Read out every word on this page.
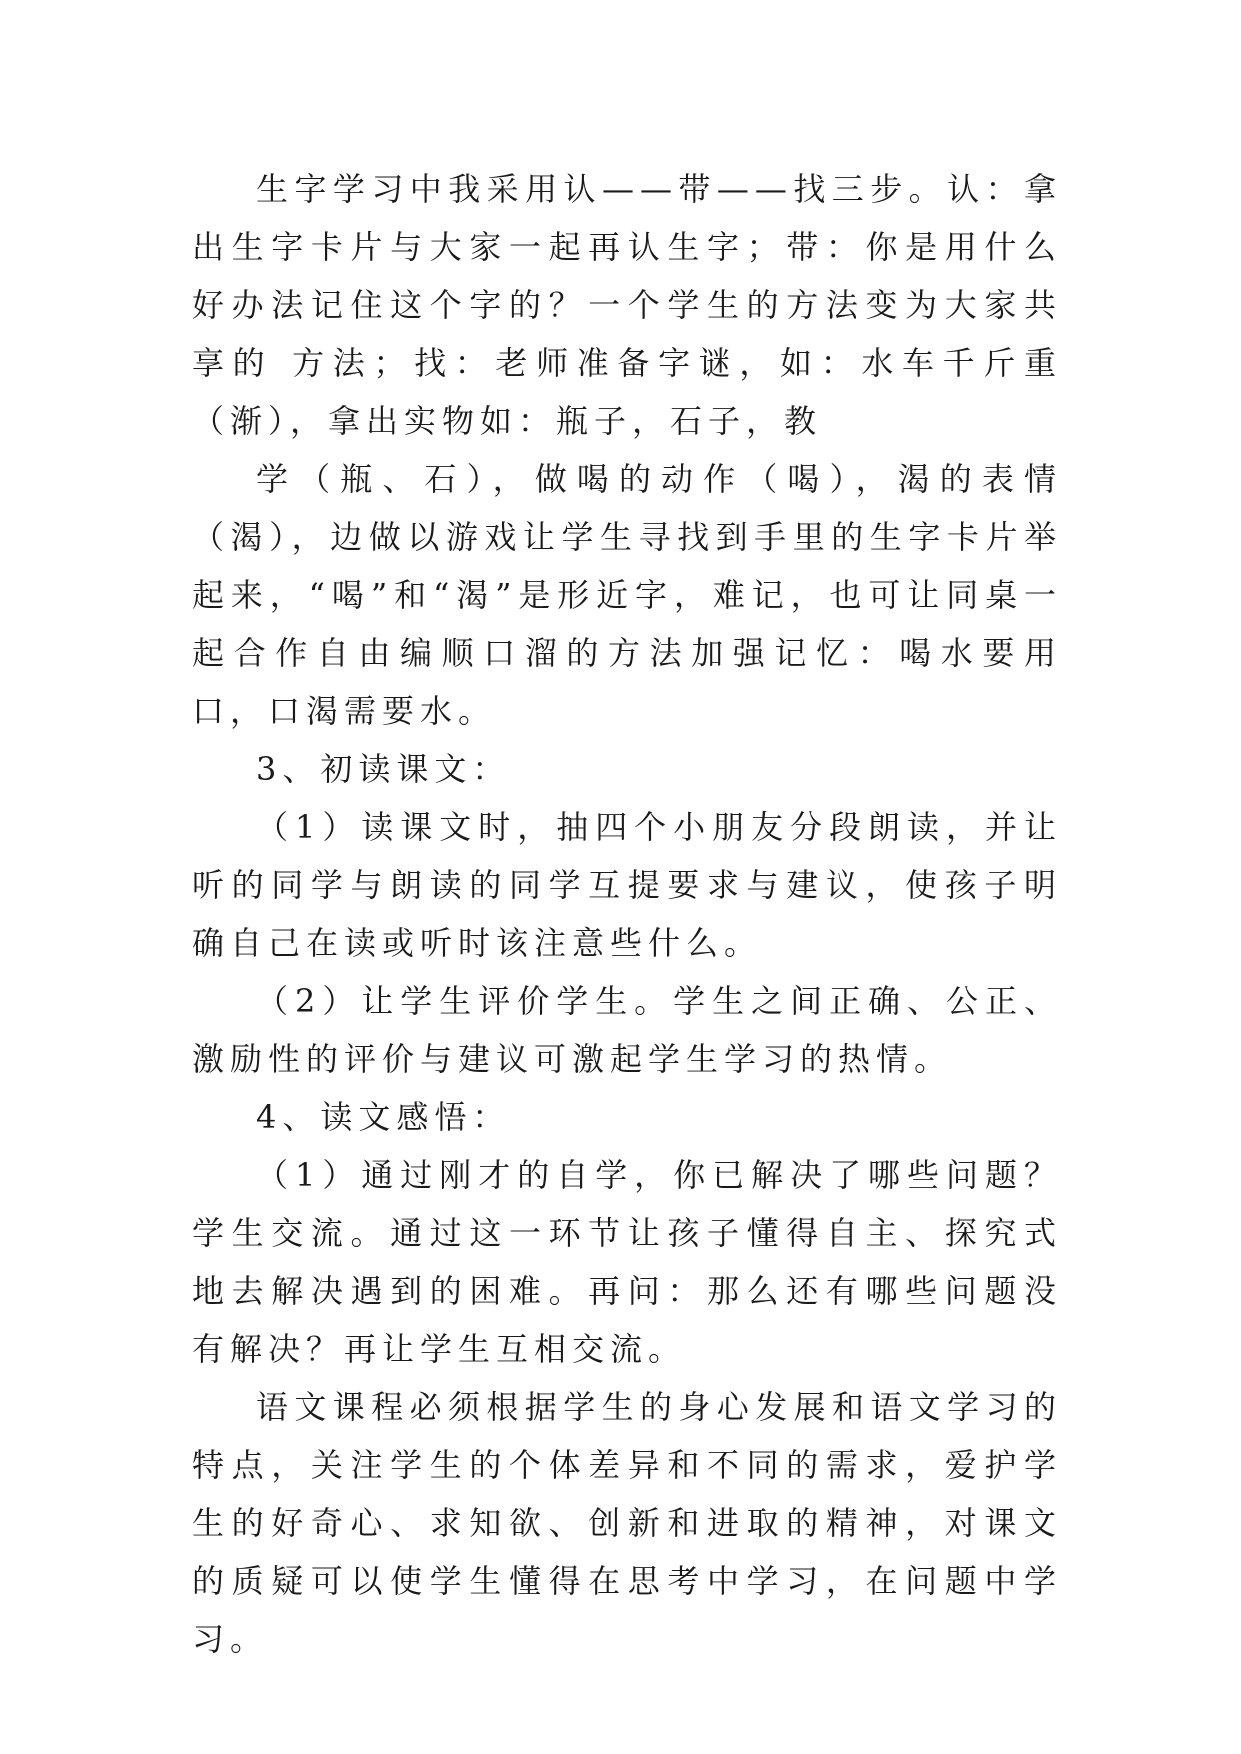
生字学习中我采用认——带——找三步。认：拿出生字卡片与大家一起再认生字；带：你是用什么好办法记住这个字的？一个学生的方法变为大家共享的 方法；找：老师准备字谜，如：水车千斤重（渐），拿出实物如：瓶子，石子，教

学（瓶、石），做喝的动作（喝），渴的表情（渴），边做以游戏让学生寻找到手里的生字卡片举起来，“喝”和“渴”是形近字，难记，也可让同桌一起合作自由编顺口溜的方法加强记忆：喝水要用口，口渴需要水。

3、初读课文：

（1）读课文时，抽四个小朋友分段朗读，并让听的同学与朗读的同学互提要求与建议，使孩子明确自己在读或听时该注意些什么。

（2）让学生评价学生。学生之间正确、公正、激励性的评价与建议可激起学生学习的热情。

4、读文感悟：

（1）通过刚才的自学，你已解决了哪些问题？学生交流。通过这一环节让孩子懂得自主、探究式地去解决遇到的困难。再问：那么还有哪些问题没有解决？再让学生互相交流。

语文课程必须根据学生的身心发展和语文学习的特点，关注学生的个体差异和不同的需求，爱护学生的好奇心、求知欲、创新和进取的精神，对课文的质疑可以使学生懂得在思考中学习，在问题中学习。
